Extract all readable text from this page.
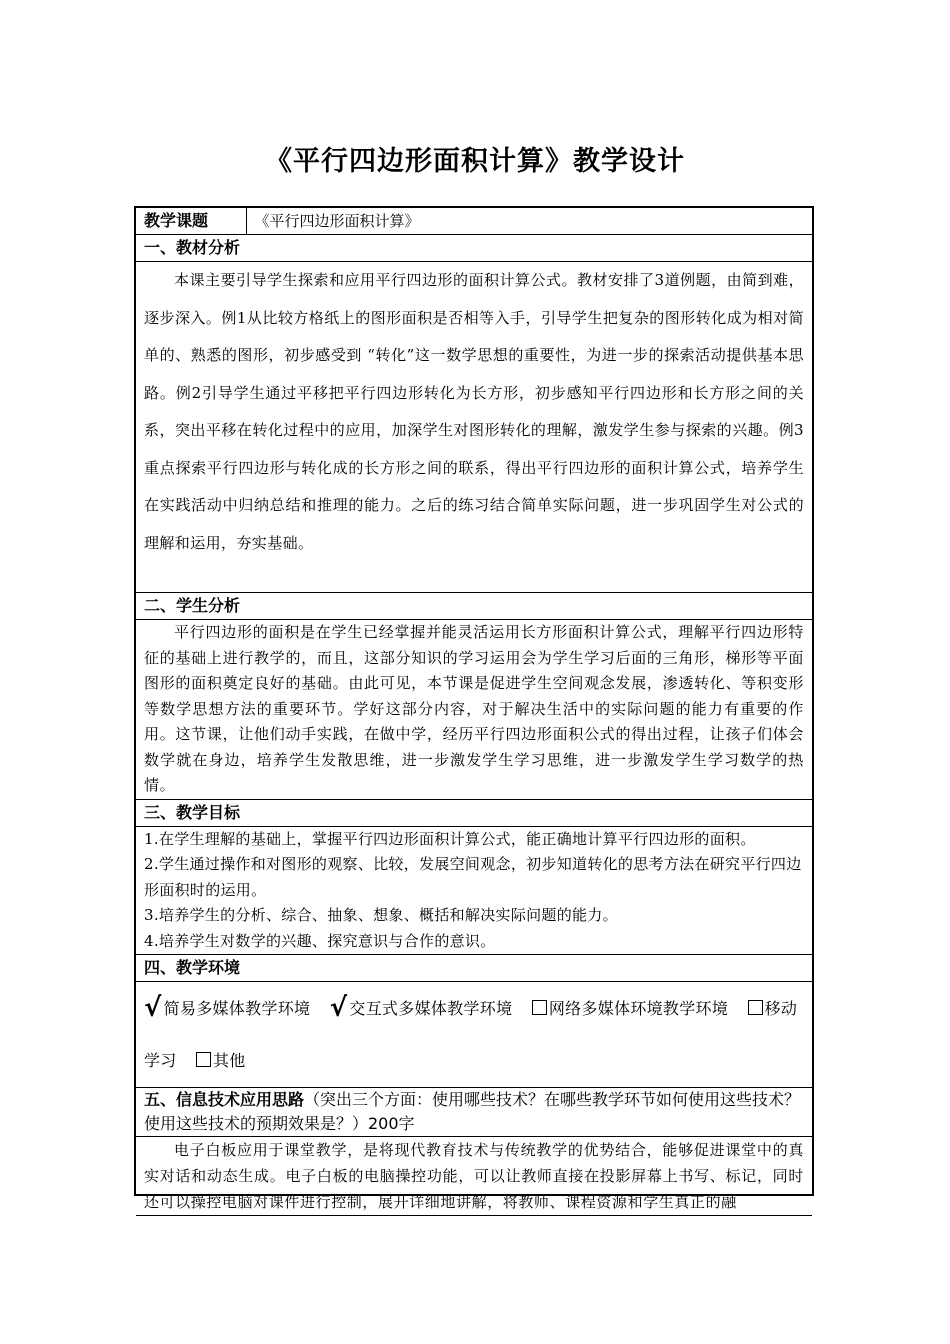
《平行四边形面积计算》教学设计
教学课题	《平行四边形面积计算》
一、教材分析
本课主要引导学生探索和应用平行四边形的面积计算公式。教材安排了3道例题，由简到难，逐步深入。例1从比较方格纸上的图形面积是否相等入手，引导学生把复杂的图形转化成为相对简单的、熟悉的图形，初步感受到 “转化”这一数学思想的重要性，为进一步的探索活动提供基本思路。例2引导学生通过平移把平行四边形转化为长方形，初步感知平行四边形和长方形之间的关系，突出平移在转化过程中的应用，加深学生对图形转化的理解，激发学生参与探索的兴趣。例3重点探索平行四边形与转化成的长方形之间的联系，得出平行四边形的面积计算公式，培养学生在实践活动中归纳总结和推理的能力。之后的练习结合简单实际问题，进一步巩固学生对公式的理解和运用，夯实基础。
二、学生分析
平行四边形的面积是在学生已经掌握并能灵活运用长方形面积计算公式，理解平行四边形特征的基础上进行教学的，而且，这部分知识的学习运用会为学生学习后面的三角形，梯形等平面图形的面积奠定良好的基础。由此可见，本节课是促进学生空间观念发展，渗透转化、等积变形等数学思想方法的重要环节。学好这部分内容，对于解决生活中的实际问题的能力有重要的作用。这节课，让他们动手实践，在做中学，经历平行四边形面积公式的得出过程，让孩子们体会数学就在身边，培养学生发散思维，进一步激发学生学习思维，进一步激发学生学习数学的热情。
三、教学目标

1.在学生理解的基础上，掌握平行四边形面积计算公式，能正确地计算平行四边形的面积。

2.学生通过操作和对图形的观察、比较，发展空间观念，初步知道转化的思考方法在研究平行四边形面积时的运用。

3.培养学生的分析、综合、抽象、想象、概括和解决实际问题的能力。

4.培养学生对数学的兴趣、探究意识与合作的意识。

四、教学环境
√ 简易多媒体教学环境 √ 交互式多媒体教学环境 网络多媒体环境教学环境 移动学习 其他
五、信息技术应用思路（突出三个方面：使用哪些技术？在哪些教学环节如何使用这些技术？使用这些技术的预期效果是？）200字
电子白板应用于课堂教学，是将现代教育技术与传统教学的优势结合，能够促进课堂中的真实对话和动态生成。电子白板的电脑操控功能，可以让教师直接在投影屏幕上书写、标记，同时还可以操控电脑对课件进行控制，展开详细地讲解，将教师、课程资源和学生真正的融
